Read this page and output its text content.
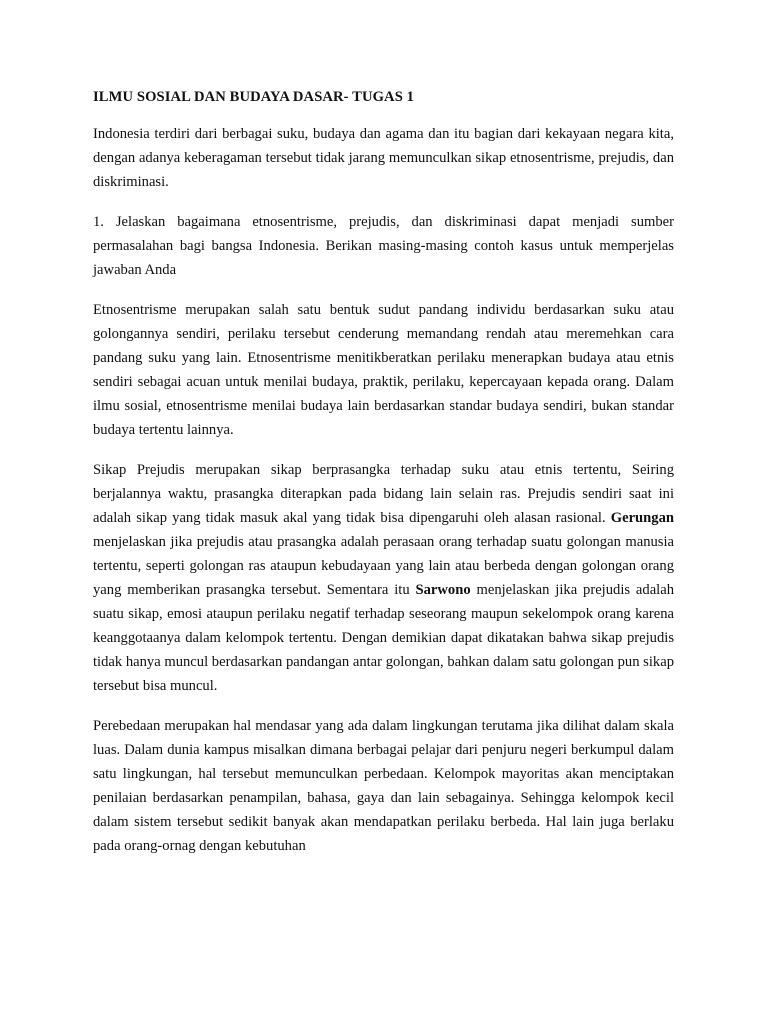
ILMU SOSIAL DAN BUDAYA DASAR- TUGAS 1

Indonesia terdiri dari berbagai suku, budaya dan agama dan itu bagian dari kekayaan negara kita, dengan adanya keberagaman tersebut tidak jarang memunculkan sikap etnosentrisme, prejudis, dan diskriminasi.

1. Jelaskan bagaimana etnosentrisme, prejudis, dan diskriminasi dapat menjadi sumber permasalahan bagi bangsa Indonesia. Berikan masing-masing contoh kasus untuk memperjelas jawaban Anda

Etnosentrisme merupakan salah satu bentuk sudut pandang individu berdasarkan suku atau golongannya sendiri, perilaku tersebut cenderung memandang rendah atau meremehkan cara pandang suku yang lain. Etnosentrisme menitikberatkan perilaku menerapkan budaya atau etnis sendiri sebagai acuan untuk menilai budaya, praktik, perilaku, kepercayaan kepada orang. Dalam ilmu sosial, etnosentrisme menilai budaya lain berdasarkan standar budaya sendiri, bukan standar budaya tertentu lainnya.

Sikap Prejudis merupakan sikap berprasangka terhadap suku atau etnis tertentu, Seiring berjalannya waktu, prasangka diterapkan pada bidang lain selain ras. Prejudis sendiri saat ini adalah sikap yang tidak masuk akal yang tidak bisa dipengaruhi oleh alasan rasional. Gerungan menjelaskan jika prejudis atau prasangka adalah perasaan orang terhadap suatu golongan manusia tertentu, seperti golongan ras ataupun kebudayaan yang lain atau berbeda dengan golongan orang yang memberikan prasangka tersebut. Sementara itu Sarwono menjelaskan jika prejudis adalah suatu sikap, emosi ataupun perilaku negatif terhadap seseorang maupun sekelompok orang karena keanggotaanya dalam kelompok tertentu. Dengan demikian dapat dikatakan bahwa sikap prejudis tidak hanya muncul berdasarkan pandangan antar golongan, bahkan dalam satu golongan pun sikap tersebut bisa muncul.

Perebedaan merupakan hal mendasar yang ada dalam lingkungan terutama jika dilihat dalam skala luas. Dalam dunia kampus misalkan dimana berbagai pelajar dari penjuru negeri berkumpul dalam satu lingkungan, hal tersebut memunculkan perbedaan. Kelompok mayoritas akan menciptakan penilaian berdasarkan penampilan, bahasa, gaya dan lain sebagainya. Sehingga kelompok kecil dalam sistem tersebut sedikit banyak akan mendapatkan perilaku berbeda. Hal lain juga berlaku pada orang-ornag dengan kebutuhan
